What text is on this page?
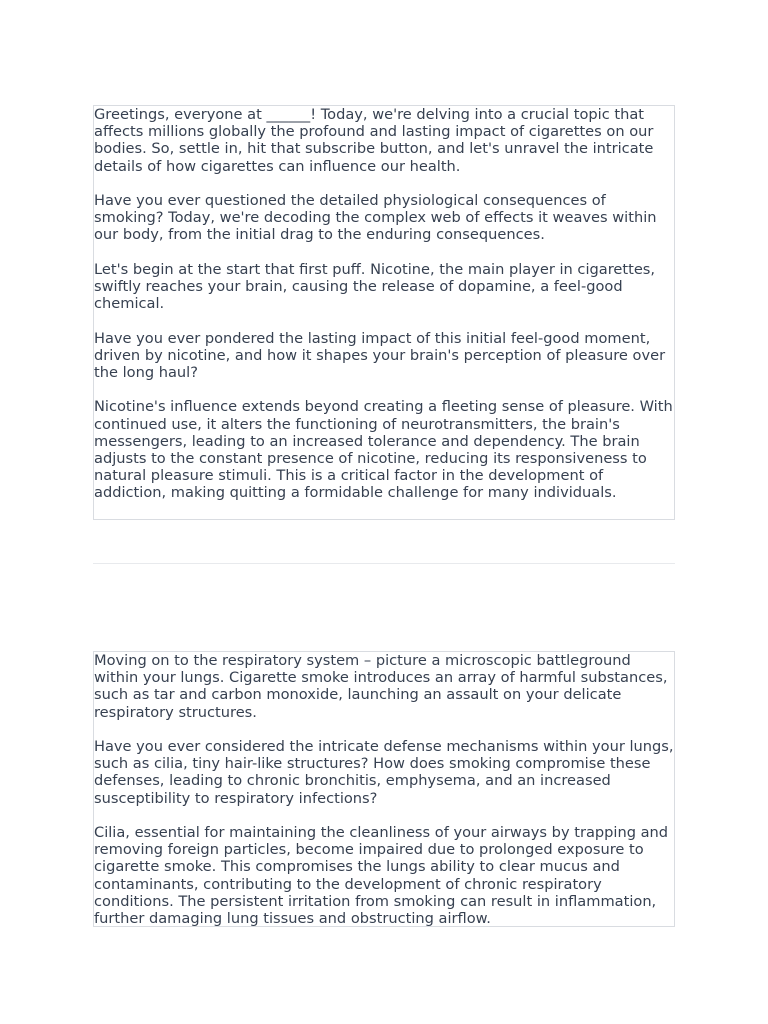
Greetings, everyone at ______! Today, we're delving into a crucial topic that affects millions globally the profound and lasting impact of cigarettes on our bodies. So, settle in, hit that subscribe button, and let's unravel the intricate details of how cigarettes can influence our health.

Have you ever questioned the detailed physiological consequences of smoking? Today, we're decoding the complex web of effects it weaves within our body, from the initial drag to the enduring consequences.

Let's begin at the start that first puff. Nicotine, the main player in cigarettes, swiftly reaches your brain, causing the release of dopamine, a feel-good chemical.

Have you ever pondered the lasting impact of this initial feel-good moment, driven by nicotine, and how it shapes your brain's perception of pleasure over the long haul?

Nicotine's influence extends beyond creating a fleeting sense of pleasure. With continued use, it alters the functioning of neurotransmitters, the brain's messengers, leading to an increased tolerance and dependency. The brain adjusts to the constant presence of nicotine, reducing its responsiveness to natural pleasure stimuli. This is a critical factor in the development of addiction, making quitting a formidable challenge for many individuals.

Moving on to the respiratory system – picture a microscopic battleground within your lungs. Cigarette smoke introduces an array of harmful substances, such as tar and carbon monoxide, launching an assault on your delicate respiratory structures.

Have you ever considered the intricate defense mechanisms within your lungs, such as cilia, tiny hair-like structures? How does smoking compromise these defenses, leading to chronic bronchitis, emphysema, and an increased susceptibility to respiratory infections?

Cilia, essential for maintaining the cleanliness of your airways by trapping and removing foreign particles, become impaired due to prolonged exposure to cigarette smoke. This compromises the lungs ability to clear mucus and contaminants, contributing to the development of chronic respiratory conditions. The persistent irritation from smoking can result in inflammation, further damaging lung tissues and obstructing airflow.
